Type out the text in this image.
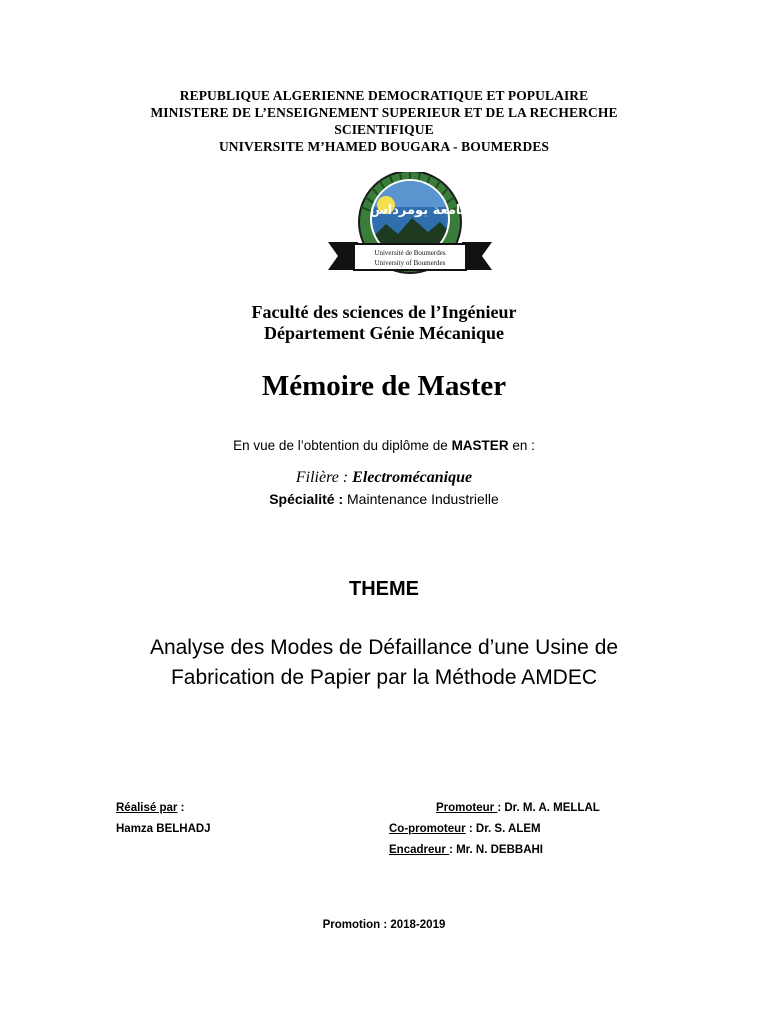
REPUBLIQUE ALGERIENNE DEMOCRATIQUE ET POPULAIRE
MINISTERE DE L’ENSEIGNEMENT SUPERIEUR ET DE LA RECHERCHE
SCIENTIFIQUE
UNIVERSITE M’HAMED BOUGARA - BOUMERDES
جامعة بومرداس
Université de Boumerdes
University of Boumerdes
Faculté des sciences de l’Ingénieur
Département Génie Mécanique
Mémoire de Master
En vue de l’obtention du diplôme de MASTER en :
Filière : Electromécanique
Spécialité : Maintenance Industrielle
THEME
Analyse des Modes de Défaillance d’une Usine de
Fabrication de Papier par la Méthode AMDEC
Réalisé par :
Hamza BELHADJ
Promoteur : Dr. M. A. MELLAL
Co-promoteur : Dr. S. ALEM
Encadreur : Mr. N. DEBBAHI
Promotion : 2018-2019
